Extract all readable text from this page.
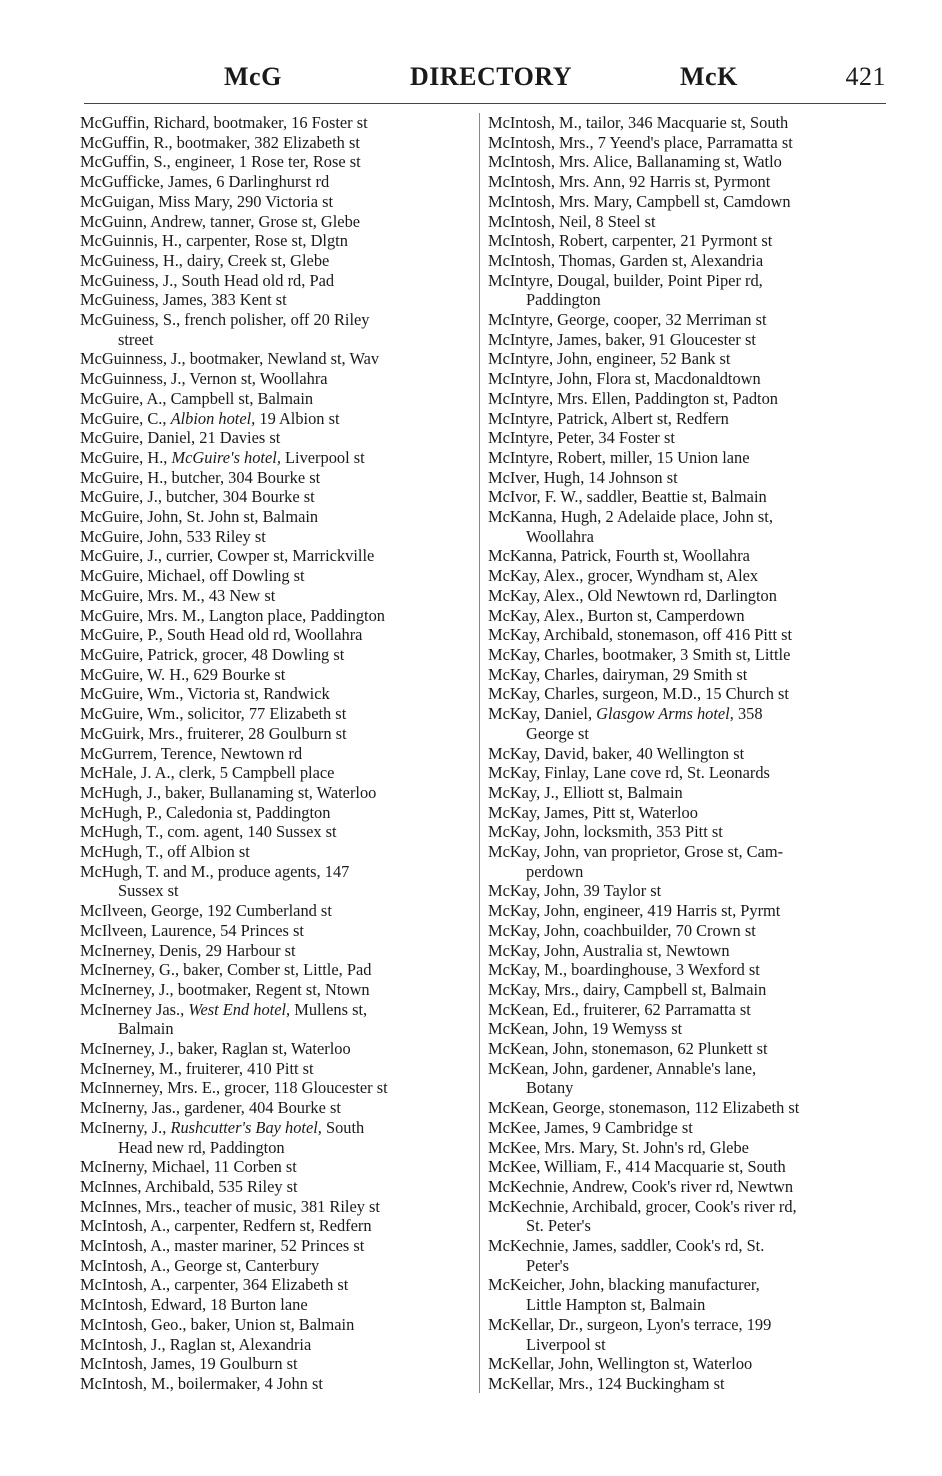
McG	DIRECTORY	McK	421
McGuffin, Richard, bootmaker, 16 Foster st
McGuffin, R., bootmaker, 382 Elizabeth st
McGuffin, S., engineer, 1 Rose ter, Rose st
McGufficke, James, 6 Darlinghurst rd
McGuigan, Miss Mary, 290 Victoria st
McGuinn, Andrew, tanner, Grose st, Glebe
McGuinnis, H., carpenter, Rose st, Dlgtn
McGuiness, H., dairy, Creek st, Glebe
McGuiness, J., South Head old rd, Pad
McGuiness, James, 383 Kent st
McGuiness, S., french polisher, off 20 Riley
street
McGuinness, J., bootmaker, Newland st, Wav
McGuinness, J., Vernon st, Woollahra
McGuire, A., Campbell st, Balmain
McGuire, C., Albion hotel, 19 Albion st
McGuire, Daniel, 21 Davies st
McGuire, H., McGuire's hotel, Liverpool st
McGuire, H., butcher, 304 Bourke st
McGuire, J., butcher, 304 Bourke st
McGuire, John, St. John st, Balmain
McGuire, John, 533 Riley st
McGuire, J., currier, Cowper st, Marrickville
McGuire, Michael, off Dowling st
McGuire, Mrs. M., 43 New st
McGuire, Mrs. M., Langton place, Paddington
McGuire, P., South Head old rd, Woollahra
McGuire, Patrick, grocer, 48 Dowling st
McGuire, W. H., 629 Bourke st
McGuire, Wm., Victoria st, Randwick
McGuire, Wm., solicitor, 77 Elizabeth st
McGuirk, Mrs., fruiterer, 28 Goulburn st
McGurrem, Terence, Newtown rd
McHale, J. A., clerk, 5 Campbell place
McHugh, J., baker, Bullanaming st, Waterloo
McHugh, P., Caledonia st, Paddington
McHugh, T., com. agent, 140 Sussex st
McHugh, T., off Albion st
McHugh, T. and M., produce agents, 147
Sussex st
McIlveen, George, 192 Cumberland st
McIlveen, Laurence, 54 Princes st
McInerney, Denis, 29 Harbour st
McInerney, G., baker, Comber st, Little, Pad
McInerney, J., bootmaker, Regent st, Ntown
McInerney Jas., West End hotel, Mullens st,
Balmain
McInerney, J., baker, Raglan st, Waterloo
McInerney, M., fruiterer, 410 Pitt st
McInnerney, Mrs. E., grocer, 118 Gloucester st
McInerny, Jas., gardener, 404 Bourke st
McInerny, J., Rushcutter's Bay hotel, South
Head new rd, Paddington
McInerny, Michael, 11 Corben st
McInnes, Archibald, 535 Riley st
McInnes, Mrs., teacher of music, 381 Riley st
McIntosh, A., carpenter, Redfern st, Redfern
McIntosh, A., master mariner, 52 Princes st
McIntosh, A., George st, Canterbury
McIntosh, A., carpenter, 364 Elizabeth st
McIntosh, Edward, 18 Burton lane
McIntosh, Geo., baker, Union st, Balmain
McIntosh, J., Raglan st, Alexandria
McIntosh, James, 19 Goulburn st
McIntosh, M., boilermaker, 4 John st
McIntosh, M., tailor, 346 Macquarie st, South
McIntosh, Mrs., 7 Yeend's place, Parramatta st
McIntosh, Mrs. Alice, Ballanaming st, Watlo
McIntosh, Mrs. Ann, 92 Harris st, Pyrmont
McIntosh, Mrs. Mary, Campbell st, Camdown
McIntosh, Neil, 8 Steel st
McIntosh, Robert, carpenter, 21 Pyrmont st
McIntosh, Thomas, Garden st, Alexandria
McIntyre, Dougal, builder, Point Piper rd,
Paddington
McIntyre, George, cooper, 32 Merriman st
McIntyre, James, baker, 91 Gloucester st
McIntyre, John, engineer, 52 Bank st
McIntyre, John, Flora st, Macdonaldtown
McIntyre, Mrs. Ellen, Paddington st, Padton
McIntyre, Patrick, Albert st, Redfern
McIntyre, Peter, 34 Foster st
McIntyre, Robert, miller, 15 Union lane
McIver, Hugh, 14 Johnson st
McIvor, F. W., saddler, Beattie st, Balmain
McKanna, Hugh, 2 Adelaide place, John st,
Woollahra
McKanna, Patrick, Fourth st, Woollahra
McKay, Alex., grocer, Wyndham st, Alex
McKay, Alex., Old Newtown rd, Darlington
McKay, Alex., Burton st, Camperdown
McKay, Archibald, stonemason, off 416 Pitt st
McKay, Charles, bootmaker, 3 Smith st, Little
McKay, Charles, dairyman, 29 Smith st
McKay, Charles, surgeon, M.D., 15 Church st
McKay, Daniel, Glasgow Arms hotel, 358
George st
McKay, David, baker, 40 Wellington st
McKay, Finlay, Lane cove rd, St. Leonards
McKay, J., Elliott st, Balmain
McKay, James, Pitt st, Waterloo
McKay, John, locksmith, 353 Pitt st
McKay, John, van proprietor, Grose st, Cam-
perdown
McKay, John, 39 Taylor st
McKay, John, engineer, 419 Harris st, Pyrmt
McKay, John, coachbuilder, 70 Crown st
McKay, John, Australia st, Newtown
McKay, M., boardinghouse, 3 Wexford st
McKay, Mrs., dairy, Campbell st, Balmain
McKean, Ed., fruiterer, 62 Parramatta st
McKean, John, 19 Wemyss st
McKean, John, stonemason, 62 Plunkett st
McKean, John, gardener, Annable's lane,
Botany
McKean, George, stonemason, 112 Elizabeth st
McKee, James, 9 Cambridge st
McKee, Mrs. Mary, St. John's rd, Glebe
McKee, William, F., 414 Macquarie st, South
McKechnie, Andrew, Cook's river rd, Newtwn
McKechnie, Archibald, grocer, Cook's river rd,
St. Peter's
McKechnie, James, saddler, Cook's rd, St.
Peter's
McKeicher, John, blacking manufacturer,
Little Hampton st, Balmain
McKellar, Dr., surgeon, Lyon's terrace, 199
Liverpool st
McKellar, John, Wellington st, Waterloo
McKellar, Mrs., 124 Buckingham st
